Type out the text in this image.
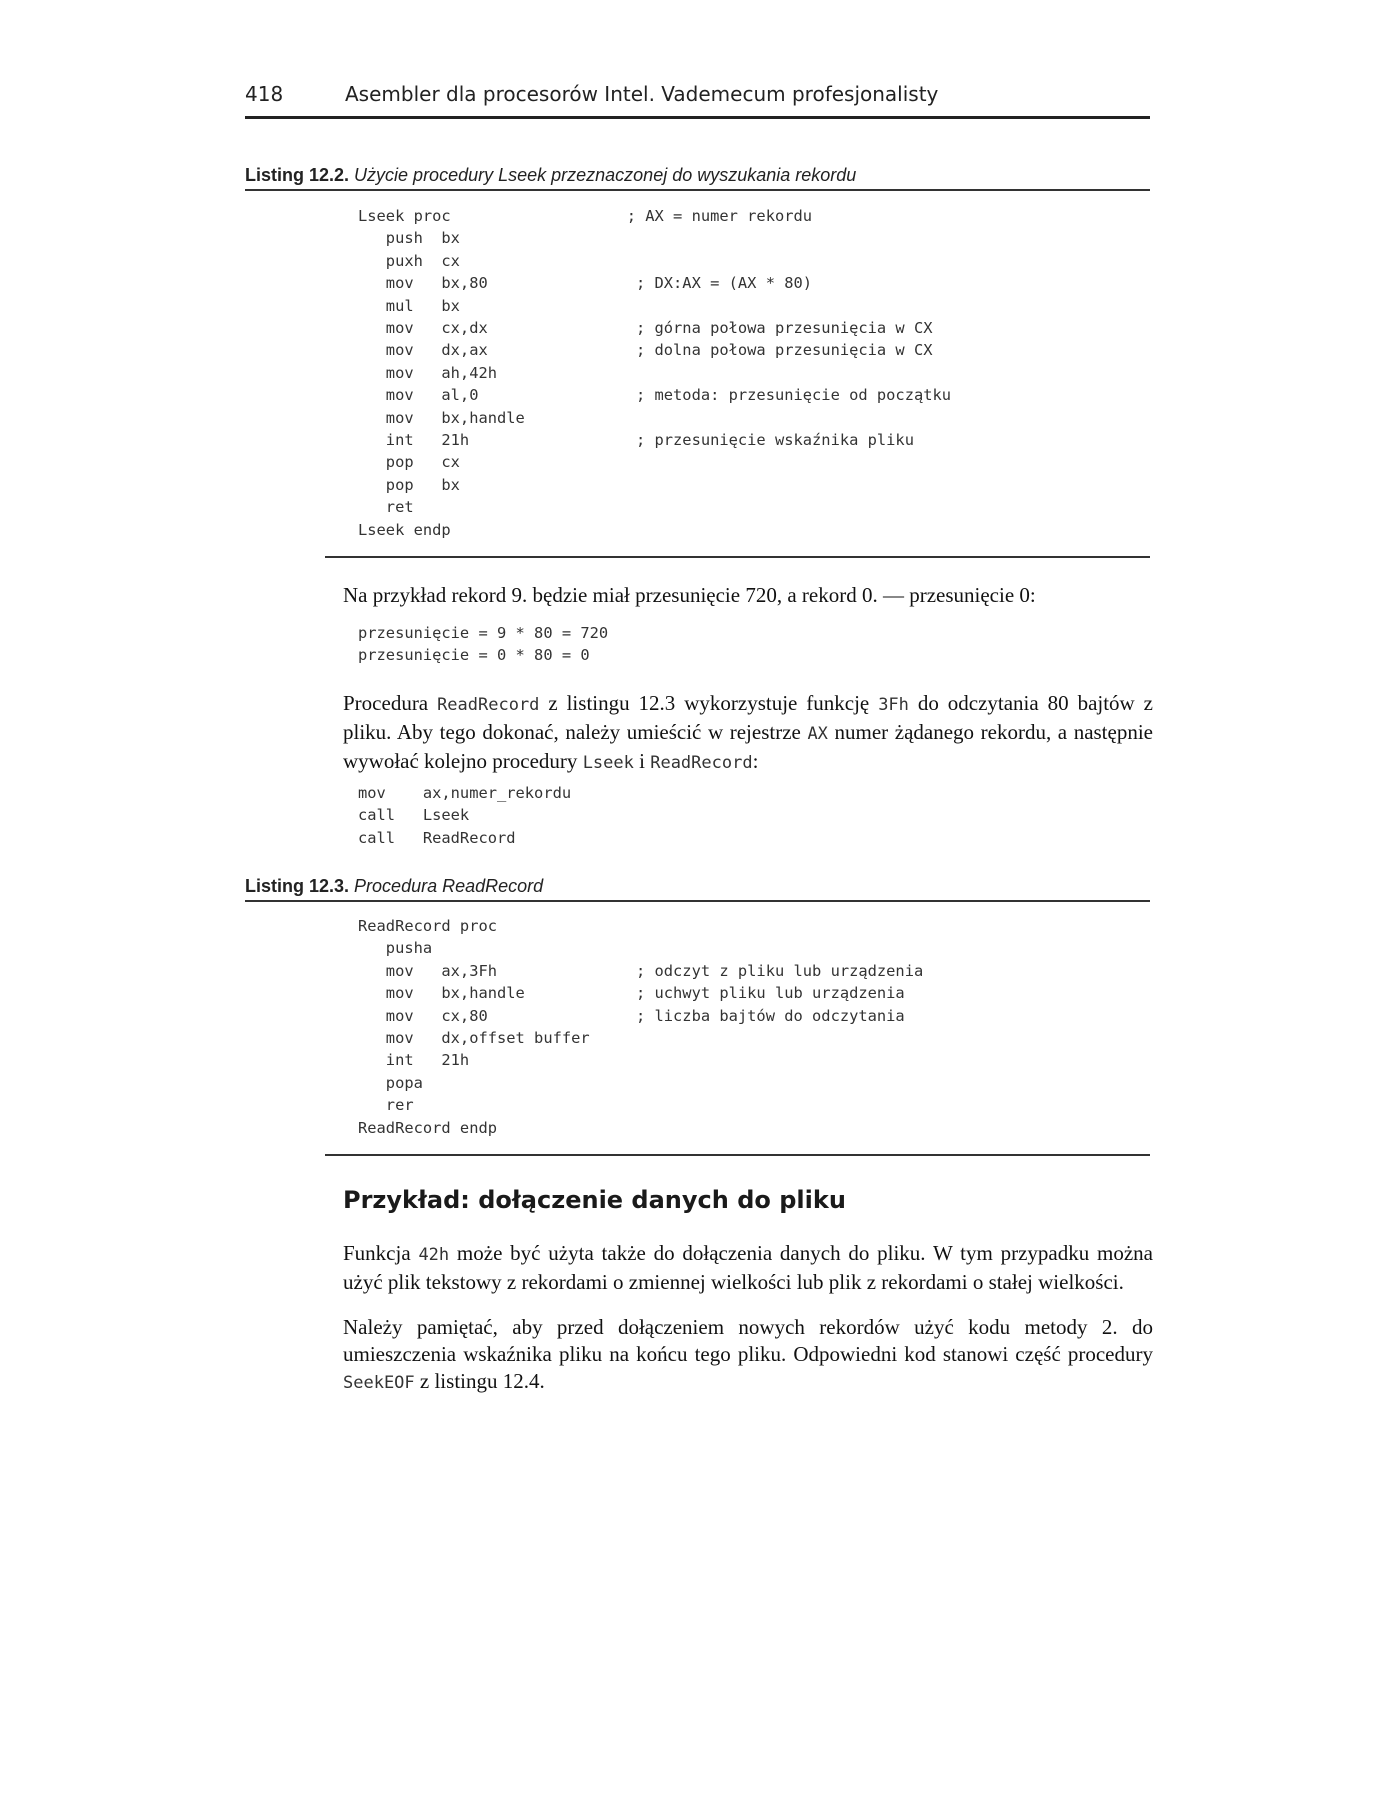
418	Asembler dla procesorów Intel. Vademecum profesjonalisty
Listing 12.2. Użycie procedury Lseek przeznaczonej do wyszukania rekordu
Lseek proc                   ; AX = numer rekordu
push  bx
puxh  cx
mov   bx,80                ; DX:AX = (AX * 80)
mul   bx
mov   cx,dx                ; górna połowa przesunięcia w CX
mov   dx,ax                ; dolna połowa przesunięcia w CX
mov   ah,42h
mov   al,0                 ; metoda: przesunięcie od początku
mov   bx,handle
int   21h                  ; przesunięcie wskaźnika pliku
pop   cx
pop   bx
ret
Lseek endp

Na przykład rekord 9. będzie miał przesunięcie 720, a rekord 0. — przesunięcie 0:

przesunięcie = 9 * 80 = 720
przesunięcie = 0 * 80 = 0

Procedura ReadRecord z listingu 12.3 wykorzystuje funkcję 3Fh do odczytania 80 bajtów z pliku. Aby tego dokonać, należy umieścić w rejestrze AX numer żądanego rekordu, a następnie wywołać kolejno procedury Lseek i ReadRecord:

mov    ax,numer_rekordu
call   Lseek
call   ReadRecord
Listing 12.3. Procedura ReadRecord
ReadRecord proc
pusha
mov   ax,3Fh               ; odczyt z pliku lub urządzenia
mov   bx,handle            ; uchwyt pliku lub urządzenia
mov   cx,80                ; liczba bajtów do odczytania
mov   dx,offset buffer
int   21h
popa
rer
ReadRecord endp
Przykład: dołączenie danych do pliku

Funkcja 42h może być użyta także do dołączenia danych do pliku. W tym przypadku można użyć plik tekstowy z rekordami o zmiennej wielkości lub plik z rekordami o stałej wielkości.

Należy pamiętać, aby przed dołączeniem nowych rekordów użyć kodu metody 2. do umieszczenia wskaźnika pliku na końcu tego pliku. Odpowiedni kod stanowi część procedury SeekEOF z listingu 12.4.
